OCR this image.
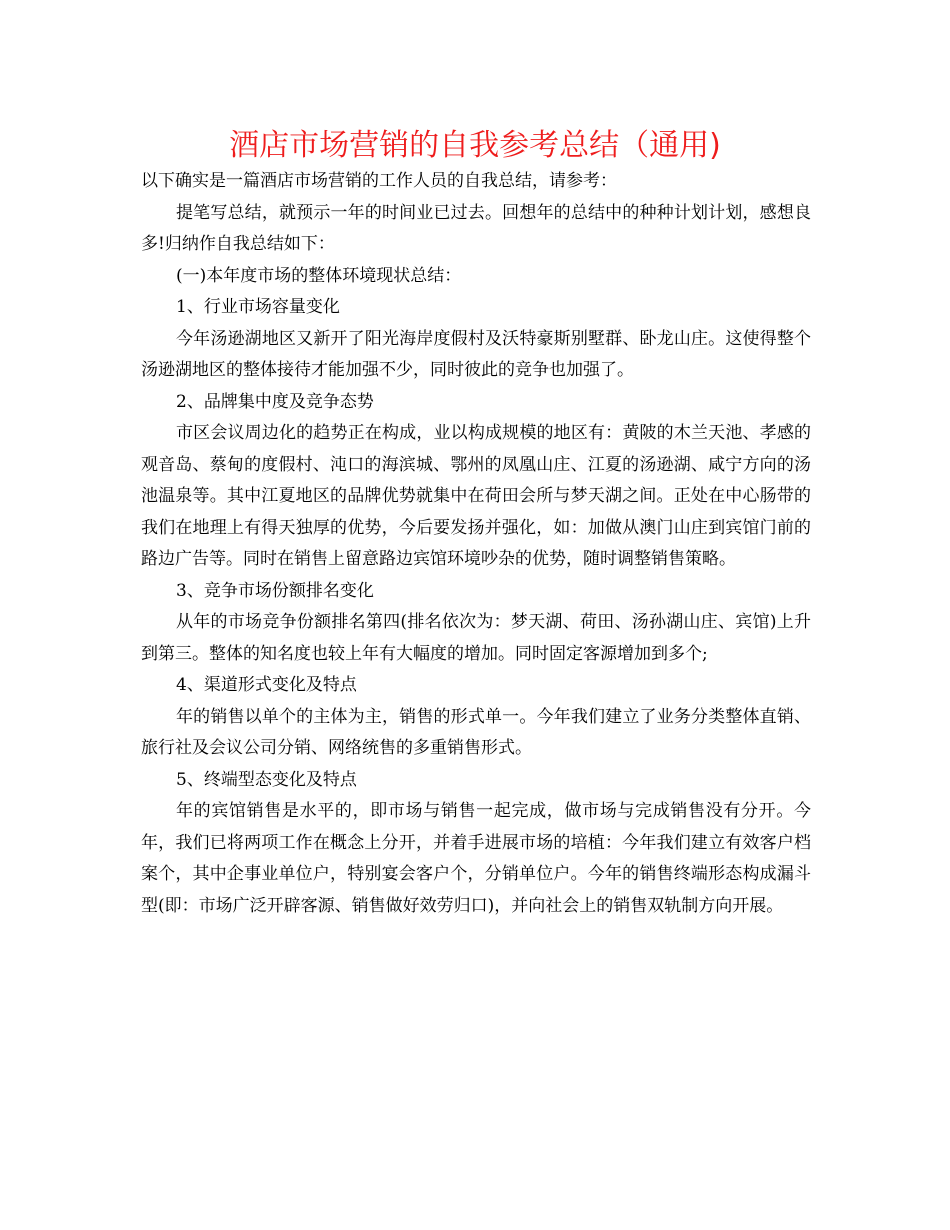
酒店市场营销的自我参考总结（通用)

以下确实是一篇酒店市场营销的工作人员的自我总结，请参考：

提笔写总结，就预示一年的时间业已过去。回想年的总结中的种种计划计划，感想良多!归纳作自我总结如下：

(一)本年度市场的整体环境现状总结：

1、行业市场容量变化

今年汤逊湖地区又新开了阳光海岸度假村及沃特豪斯别墅群、卧龙山庄。这使得整个汤逊湖地区的整体接待才能加强不少，同时彼此的竞争也加强了。

2、品牌集中度及竞争态势

市区会议周边化的趋势正在构成，业以构成规模的地区有：黄陂的木兰天池、孝感的观音岛、蔡甸的度假村、沌口的海滨城、鄂州的凤凰山庄、江夏的汤逊湖、咸宁方向的汤池温泉等。其中江夏地区的品牌优势就集中在荷田会所与梦天湖之间。正处在中心肠带的我们在地理上有得天独厚的优势，今后要发扬并强化，如：加做从澳门山庄到宾馆门前的路边广告等。同时在销售上留意路边宾馆环境吵杂的优势，随时调整销售策略。

3、竞争市场份额排名变化

从年的市场竞争份额排名第四(排名依次为：梦天湖、荷田、汤孙湖山庄、宾馆)上升到第三。整体的知名度也较上年有大幅度的增加。同时固定客源增加到多个;

4、渠道形式变化及特点

年的销售以单个的主体为主，销售的形式单一。今年我们建立了业务分类整体直销、旅行社及会议公司分销、网络统售的多重销售形式。

5、终端型态变化及特点

年的宾馆销售是水平的，即市场与销售一起完成，做市场与完成销售没有分开。今年，我们已将两项工作在概念上分开，并着手进展市场的培植：今年我们建立有效客户档案个，其中企事业单位户，特别宴会客户个，分销单位户。今年的销售终端形态构成漏斗型(即：市场广泛开辟客源、销售做好效劳归口)，并向社会上的销售双轨制方向开展。
